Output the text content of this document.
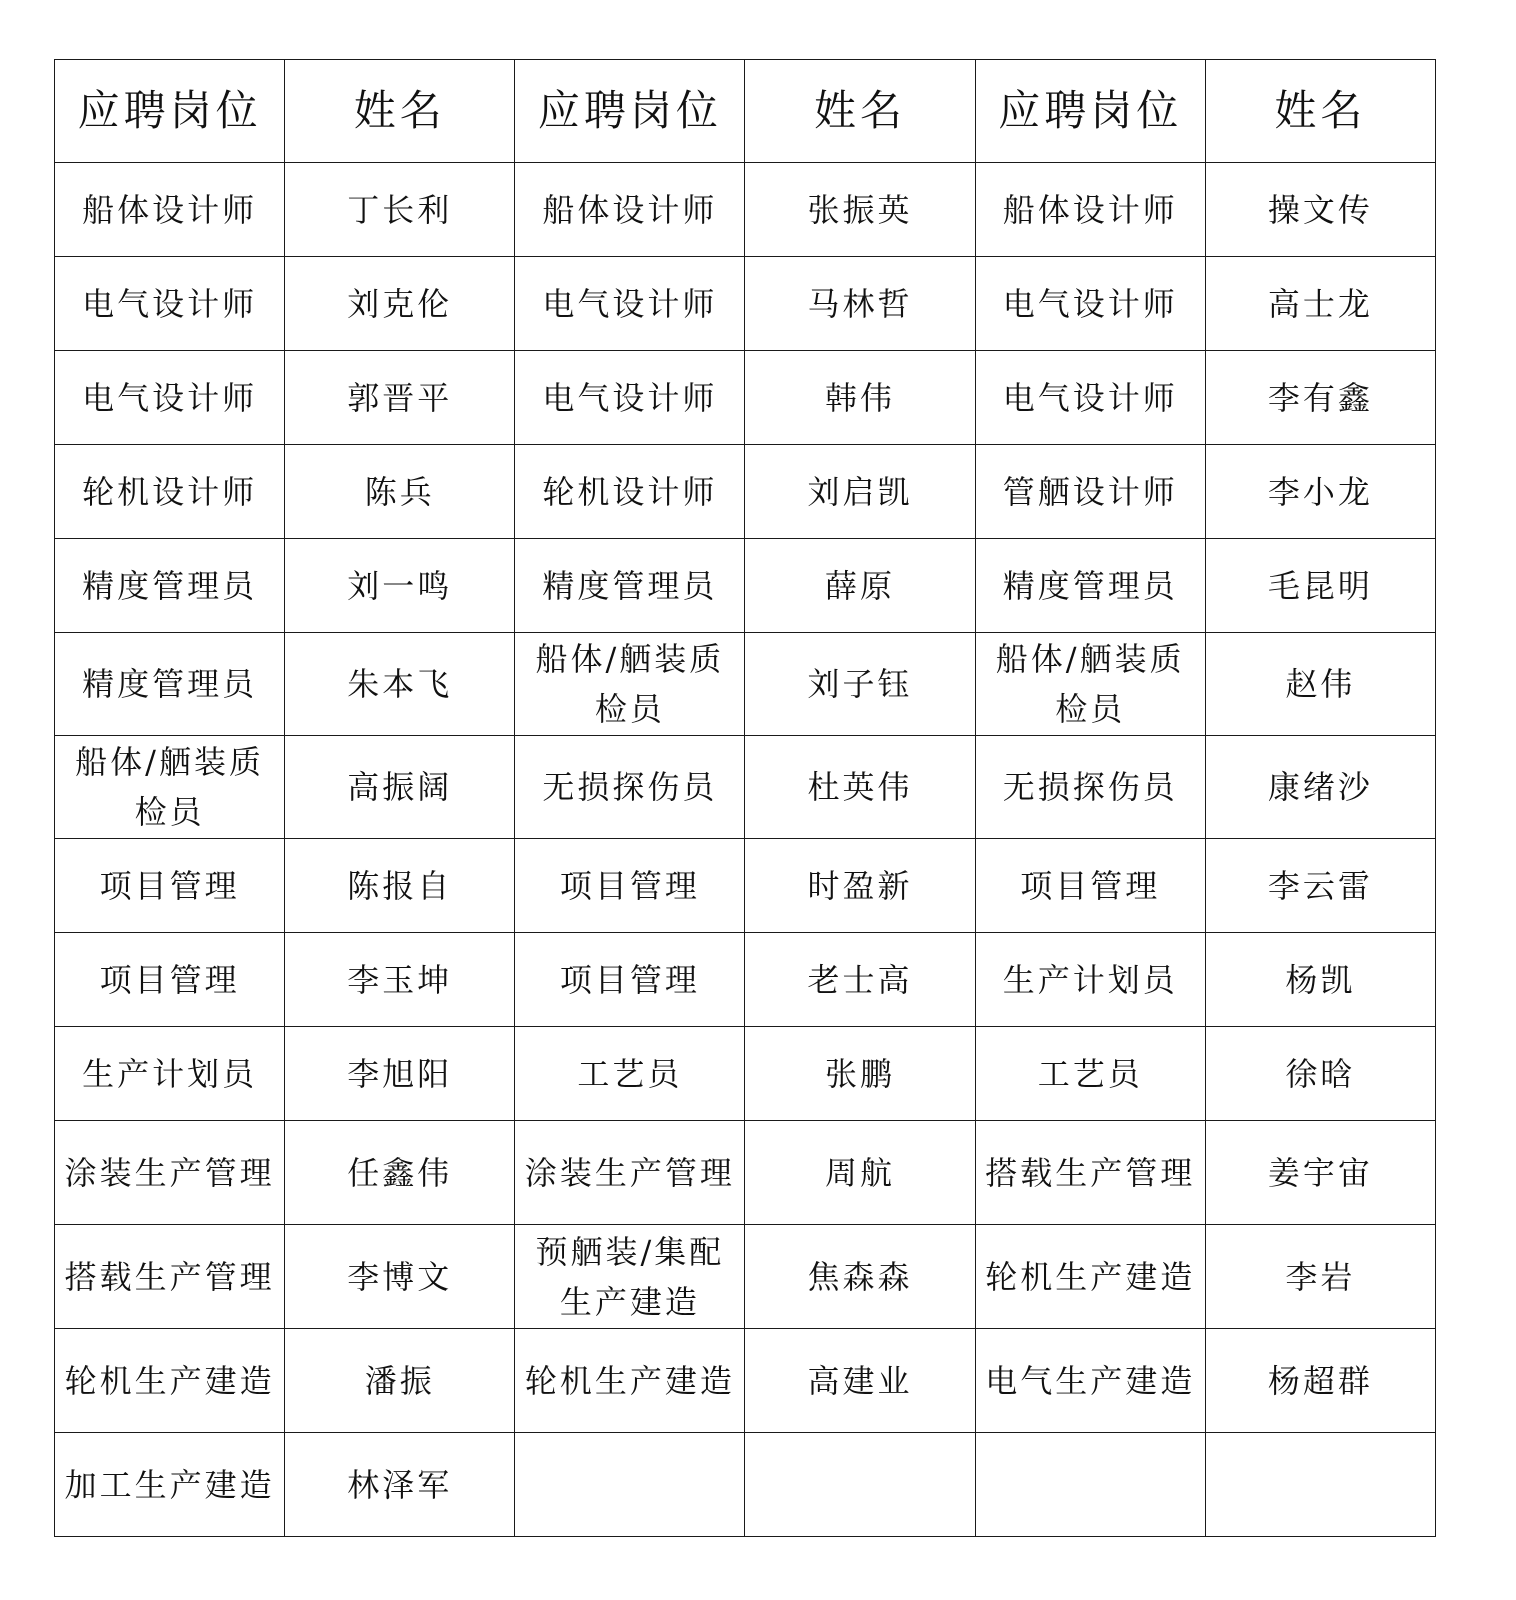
应聘岗位	姓名	应聘岗位	姓名	应聘岗位	姓名
船体设计师	丁长利	船体设计师	张振英	船体设计师	操文传
电气设计师	刘克伦	电气设计师	马林哲	电气设计师	高士龙
电气设计师	郭晋平	电气设计师	韩伟	电气设计师	李有鑫
轮机设计师	陈兵	轮机设计师	刘启凯	管舾设计师	李小龙
精度管理员	刘一鸣	精度管理员	薛原	精度管理员	毛昆明
精度管理员	朱本飞	船体/舾装质检员	刘子钰	船体/舾装质检员	赵伟
船体/舾装质检员	高振阔	无损探伤员	杜英伟	无损探伤员	康绪沙
项目管理	陈报自	项目管理	时盈新	项目管理	李云雷
项目管理	李玉坤	项目管理	老士高	生产计划员	杨凯
生产计划员	李旭阳	工艺员	张鹏	工艺员	徐晗
涂装生产管理	任鑫伟	涂装生产管理	周航	搭载生产管理	姜宇宙
搭载生产管理	李博文	预舾装/集配生产建造	焦森森	轮机生产建造	李岩
轮机生产建造	潘振	轮机生产建造	高建业	电气生产建造	杨超群
加工生产建造	林泽军				
